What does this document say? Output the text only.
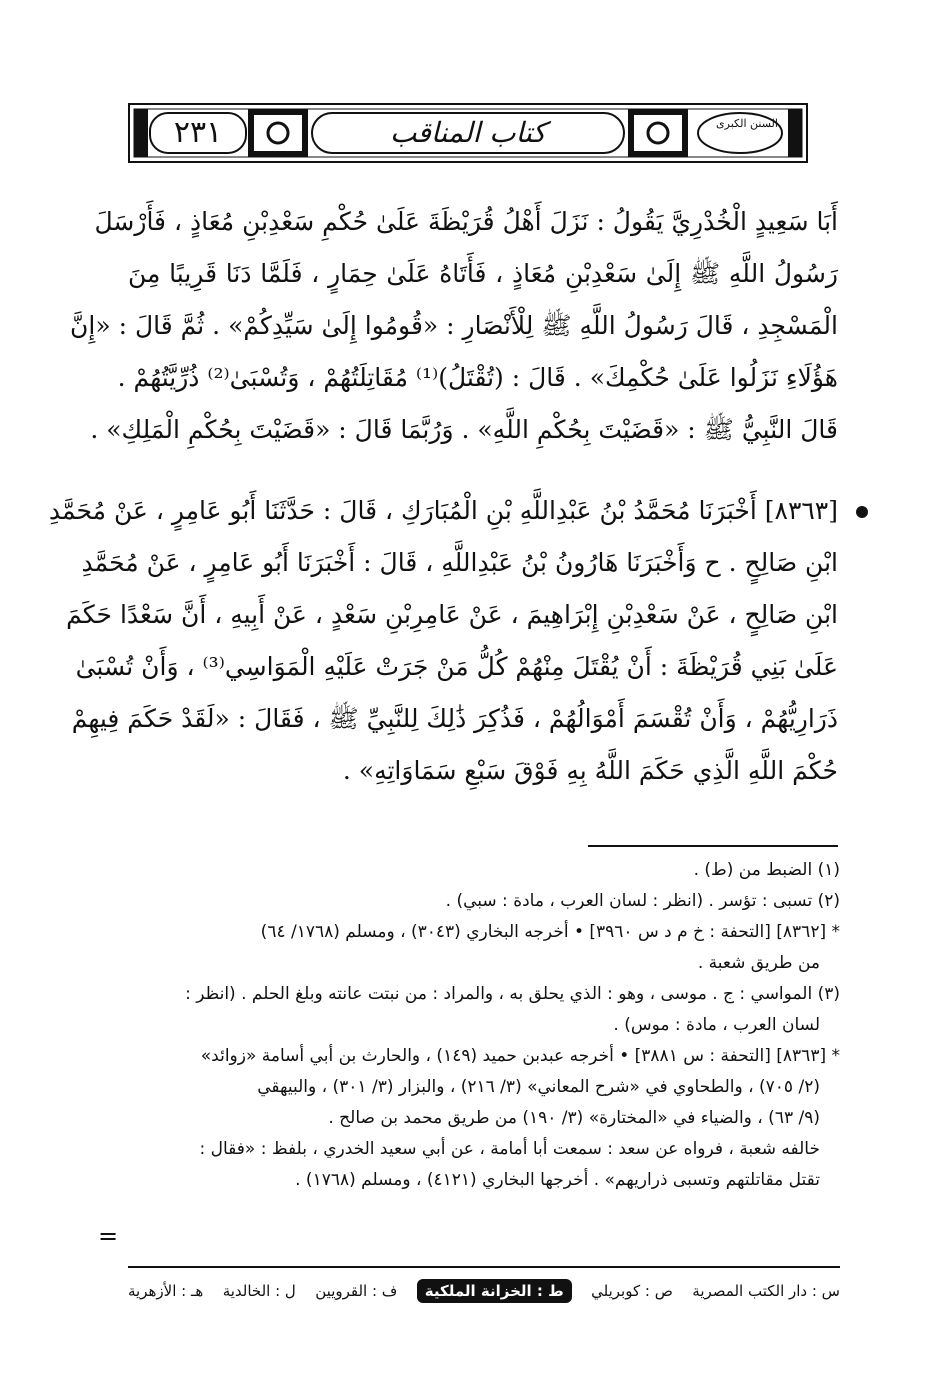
٢٣١	كتاب المناقب	السنن الكبرى
أَبَا سَعِيدٍ الْخُدْرِيَّ يَقُولُ : نَزَلَ أَهْلُ قُرَيْظَةَ عَلَىٰ حُكْمِ سَعْدِبْنِ مُعَاذٍ ، فَأَرْسَلَ
رَسُولُ اللَّهِ ﷺ إِلَىٰ سَعْدِبْنِ مُعَاذٍ ، فَأَتَاهُ عَلَىٰ حِمَارٍ ، فَلَمَّا دَنَا قَرِيبًا مِنَ
الْمَسْجِدِ ، قَالَ رَسُولُ اللَّهِ ﷺ لِلْأَنْصَارِ : «قُومُوا إِلَىٰ سَيِّدِكُمْ» . ثُمَّ قَالَ : «إِنَّ
هَؤُلَاءِ نَزَلُوا عَلَىٰ حُكْمِكَ» . قَالَ : (تُقْتَلُ)⁽¹⁾ مُقَاتِلَتُهُمْ ، وَتُسْبَىٰ⁽²⁾ ذُرِّيَّتُهُمْ .
قَالَ النَّبِيُّ ﷺ : «قَضَيْتَ بِحُكْمِ اللَّهِ» . وَرُبَّمَا قَالَ : «قَضَيْتَ بِحُكْمِ الْمَلِكِ» .
[٨٣٦٣] أَخْبَرَنَا مُحَمَّدُ بْنُ عَبْدِاللَّهِ بْنِ الْمُبَارَكِ ، قَالَ : حَدَّثَنَا أَبُو عَامِرٍ ، عَنْ مُحَمَّدِ
ابْنِ صَالِحٍ . ح وَأَخْبَرَنَا هَارُونُ بْنُ عَبْدِاللَّهِ ، قَالَ : أَخْبَرَنَا أَبُو عَامِرٍ ، عَنْ مُحَمَّدِ
ابْنِ صَالِحٍ ، عَنْ سَعْدِبْنِ إِبْرَاهِيمَ ، عَنْ عَامِرِبْنِ سَعْدٍ ، عَنْ أَبِيهِ ، أَنَّ سَعْدًا حَكَمَ
عَلَىٰ بَنِي قُرَيْظَةَ : أَنْ يُقْتَلَ مِنْهُمْ كُلُّ مَنْ جَرَتْ عَلَيْهِ الْمَوَاسِي⁽³⁾ ، وَأَنْ تُسْبَىٰ
ذَرَارِيُّهُمْ ، وَأَنْ تُقْسَمَ أَمْوَالُهُمْ ، فَذُكِرَ ذَٰلِكَ لِلنَّبِيِّ ﷺ ، فَقَالَ : «لَقَدْ حَكَمَ فِيهِمْ
حُكْمَ اللَّهِ الَّذِي حَكَمَ اللَّهُ بِهِ فَوْقَ سَبْعِ سَمَاوَاتِهِ» .
(١) الضبط من (ط) .
(٢) تسبى : تؤسر . (انظر : لسان العرب ، مادة : سبي) .
* [٨٣٦٢] [التحفة : خ م د س ٣٩٦٠] • أخرجه البخاري (٣٠٤٣) ، ومسلم (١٧٦٨/ ٦٤)
من طريق شعبة .
(٣) المواسي : ج . موسى ، وهو : الذي يحلق به ، والمراد : من نبتت عانته وبلغ الحلم . (انظر :
لسان العرب ، مادة : موس) .
* [٨٣٦٣] [التحفة : س ٣٨٨١] • أخرجه عبدبن حميد (١٤٩) ، والحارث بن أبي أسامة «زوائد»
(٢/ ٧٠٥) ، والطحاوي في «شرح المعاني» (٣/ ٢١٦) ، والبزار (٣/ ٣٠١) ، والبيهقي
(٩/ ٦٣) ، والضياء في «المختارة» (٣/ ١٩٠) من طريق محمد بن صالح .
خالفه شعبة ، فرواه عن سعد : سمعت أبا أمامة ، عن أبي سعيد الخدري ، بلفظ : «فقال :
تقتل مقاتلتهم وتسبى ذراريهم» . أخرجها البخاري (٤١٢١) ، ومسلم (١٧٦٨) .
=
س : دار الكتب المصرية
ص : كوبريلي
ط : الخزانة الملكية
ف : القرويين
ل : الخالدية
هـ : الأزهرية
